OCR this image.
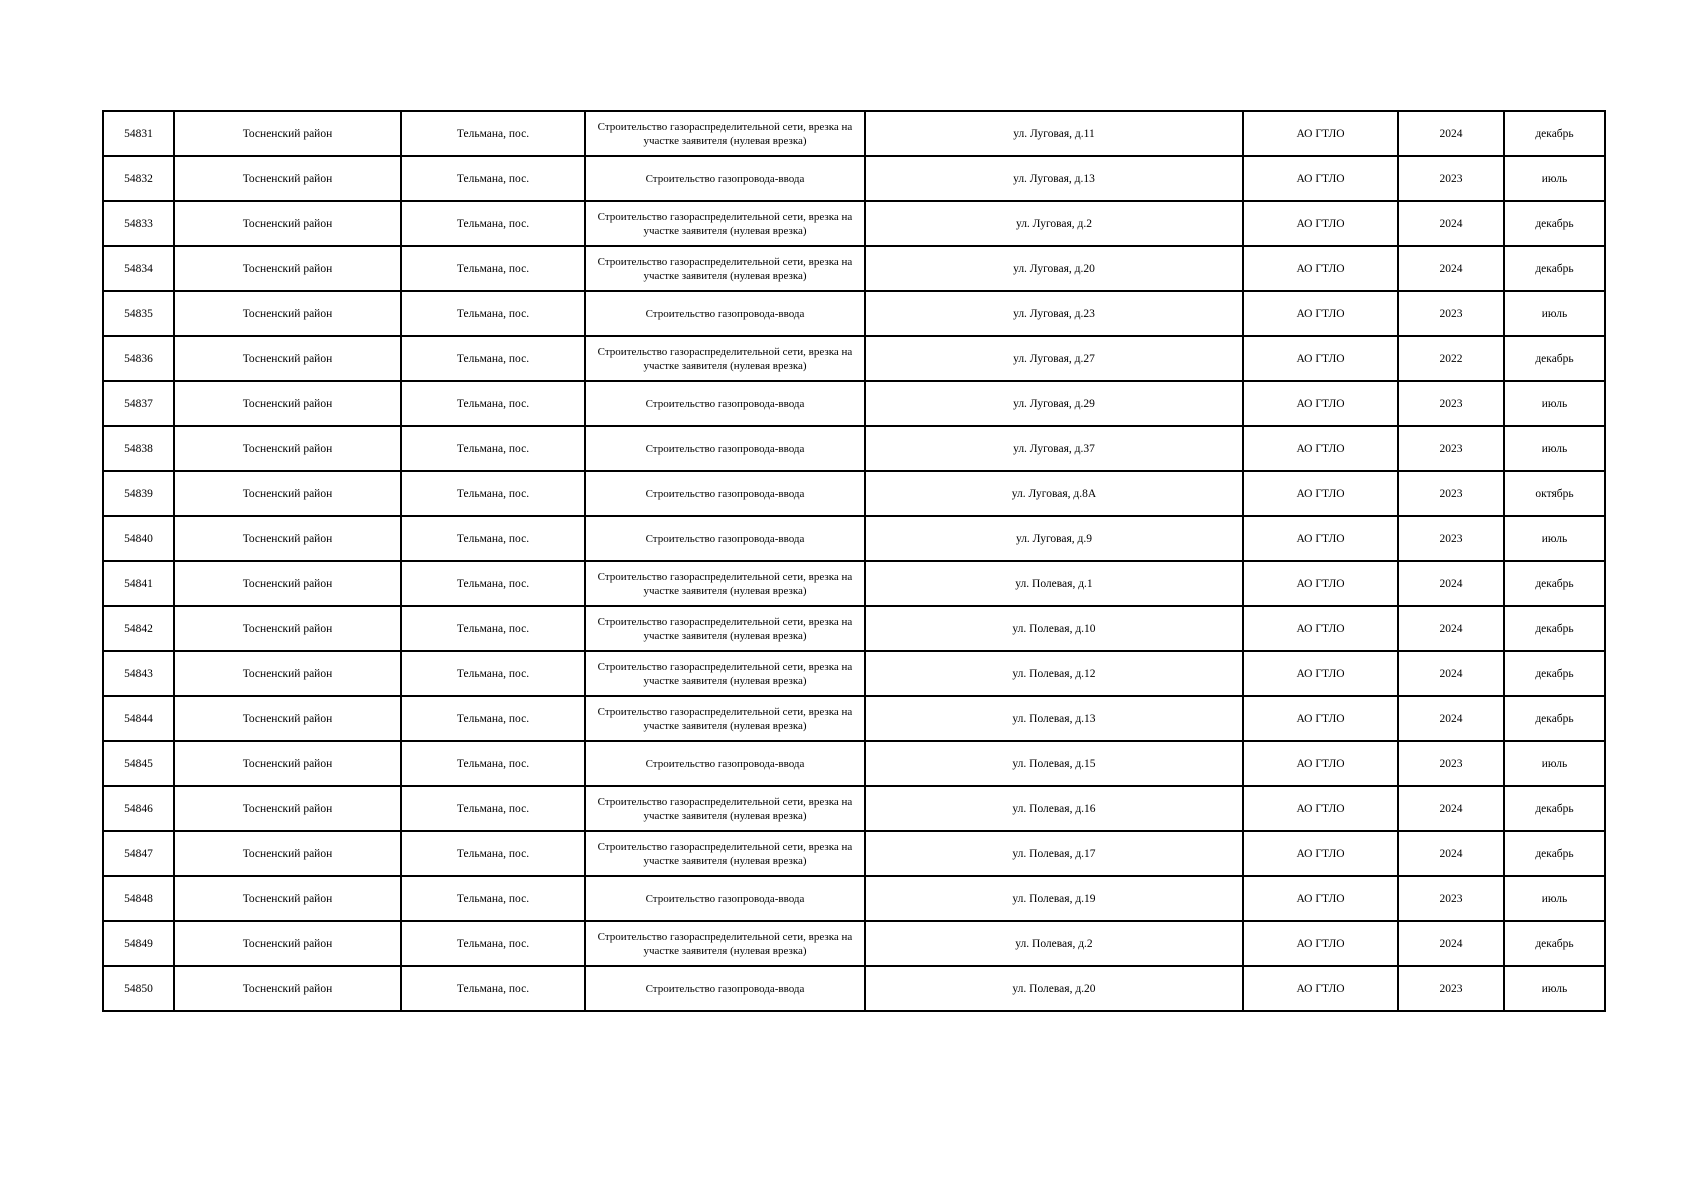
54831	Тосненский район	Тельмана, пос.	Строительство газораспределительной сети, врезка на участке заявителя (нулевая врезка)	ул. Луговая, д.11	АО ГТЛО	2024	декабрь
54832	Тосненский район	Тельмана, пос.	Строительство газопровода-ввода	ул. Луговая, д.13	АО ГТЛО	2023	июль
54833	Тосненский район	Тельмана, пос.	Строительство газораспределительной сети, врезка на участке заявителя (нулевая врезка)	ул. Луговая, д.2	АО ГТЛО	2024	декабрь
54834	Тосненский район	Тельмана, пос.	Строительство газораспределительной сети, врезка на участке заявителя (нулевая врезка)	ул. Луговая, д.20	АО ГТЛО	2024	декабрь
54835	Тосненский район	Тельмана, пос.	Строительство газопровода-ввода	ул. Луговая, д.23	АО ГТЛО	2023	июль
54836	Тосненский район	Тельмана, пос.	Строительство газораспределительной сети, врезка на участке заявителя (нулевая врезка)	ул. Луговая, д.27	АО ГТЛО	2022	декабрь
54837	Тосненский район	Тельмана, пос.	Строительство газопровода-ввода	ул. Луговая, д.29	АО ГТЛО	2023	июль
54838	Тосненский район	Тельмана, пос.	Строительство газопровода-ввода	ул. Луговая, д.37	АО ГТЛО	2023	июль
54839	Тосненский район	Тельмана, пос.	Строительство газопровода-ввода	ул. Луговая, д.8А	АО ГТЛО	2023	октябрь
54840	Тосненский район	Тельмана, пос.	Строительство газопровода-ввода	ул. Луговая, д.9	АО ГТЛО	2023	июль
54841	Тосненский район	Тельмана, пос.	Строительство газораспределительной сети, врезка на участке заявителя (нулевая врезка)	ул. Полевая, д.1	АО ГТЛО	2024	декабрь
54842	Тосненский район	Тельмана, пос.	Строительство газораспределительной сети, врезка на участке заявителя (нулевая врезка)	ул. Полевая, д.10	АО ГТЛО	2024	декабрь
54843	Тосненский район	Тельмана, пос.	Строительство газораспределительной сети, врезка на участке заявителя (нулевая врезка)	ул. Полевая, д.12	АО ГТЛО	2024	декабрь
54844	Тосненский район	Тельмана, пос.	Строительство газораспределительной сети, врезка на участке заявителя (нулевая врезка)	ул. Полевая, д.13	АО ГТЛО	2024	декабрь
54845	Тосненский район	Тельмана, пос.	Строительство газопровода-ввода	ул. Полевая, д.15	АО ГТЛО	2023	июль
54846	Тосненский район	Тельмана, пос.	Строительство газораспределительной сети, врезка на участке заявителя (нулевая врезка)	ул. Полевая, д.16	АО ГТЛО	2024	декабрь
54847	Тосненский район	Тельмана, пос.	Строительство газораспределительной сети, врезка на участке заявителя (нулевая врезка)	ул. Полевая, д.17	АО ГТЛО	2024	декабрь
54848	Тосненский район	Тельмана, пос.	Строительство газопровода-ввода	ул. Полевая, д.19	АО ГТЛО	2023	июль
54849	Тосненский район	Тельмана, пос.	Строительство газораспределительной сети, врезка на участке заявителя (нулевая врезка)	ул. Полевая, д.2	АО ГТЛО	2024	декабрь
54850	Тосненский район	Тельмана, пос.	Строительство газопровода-ввода	ул. Полевая, д.20	АО ГТЛО	2023	июль
